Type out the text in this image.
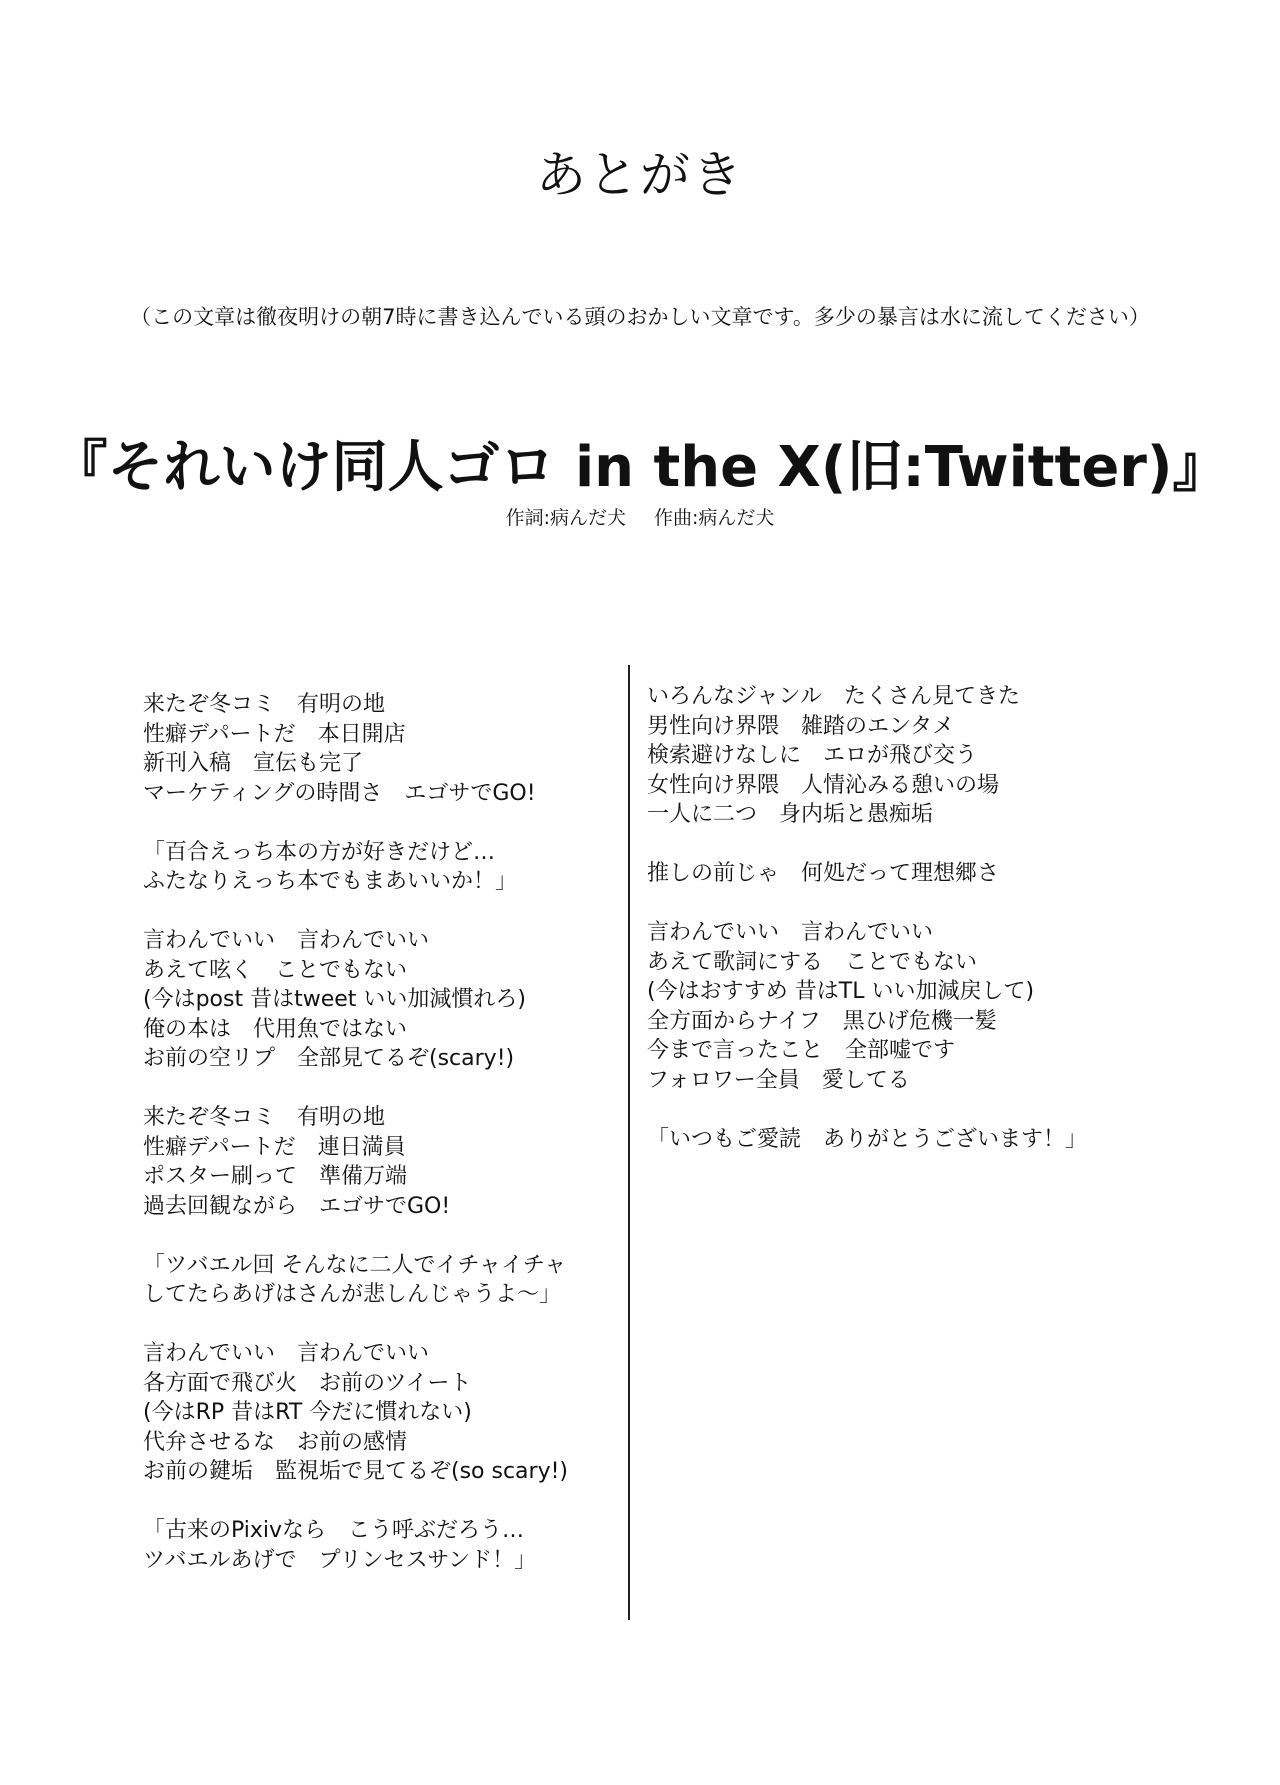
あとがき

（この文章は徹夜明けの朝7時に書き込んでいる頭のおかしい文章です。多少の暴言は水に流してください）

『それいけ同人ゴロ in the X(旧:Twitter)』

作詞:病んだ犬 作曲:病んだ犬

来たぞ冬コミ　有明の地
性癖デパートだ　本日開店
新刊入稿　宣伝も完了
マーケティングの時間さ　エゴサでGO!
「百合えっち本の方が好きだけど…
ふたなりえっち本でもまあいいか！」
言わんでいい　言わんでいい
あえて呟く　ことでもない
(今はpost 昔はtweet いい加減慣れろ)
俺の本は　代用魚ではない
お前の空リプ　全部見てるぞ(scary!)
来たぞ冬コミ　有明の地
性癖デパートだ　連日満員
ポスター刷って　準備万端
過去回観ながら　エゴサでGO!
「ツバエル回 そんなに二人でイチャイチャ
してたらあげはさんが悲しんじゃうよ〜」
言わんでいい　言わんでいい
各方面で飛び火　お前のツイート
(今はRP 昔はRT 今だに慣れない)
代弁させるな　お前の感情
お前の鍵垢　監視垢で見てるぞ(so scary!)
「古来のPixivなら　こう呼ぶだろう…
ツバエルあげで　プリンセスサンド！」
いろんなジャンル　たくさん見てきた
男性向け界隈　雑踏のエンタメ
検索避けなしに　エロが飛び交う
女性向け界隈　人情沁みる憩いの場
一人に二つ　身内垢と愚痴垢
推しの前じゃ　何処だって理想郷さ
言わんでいい　言わんでいい
あえて歌詞にする　ことでもない
(今はおすすめ 昔はTL いい加減戻して)
全方面からナイフ　黒ひげ危機一髪
今まで言ったこと　全部嘘です
フォロワー全員　愛してる
「いつもご愛読　ありがとうございます！」
